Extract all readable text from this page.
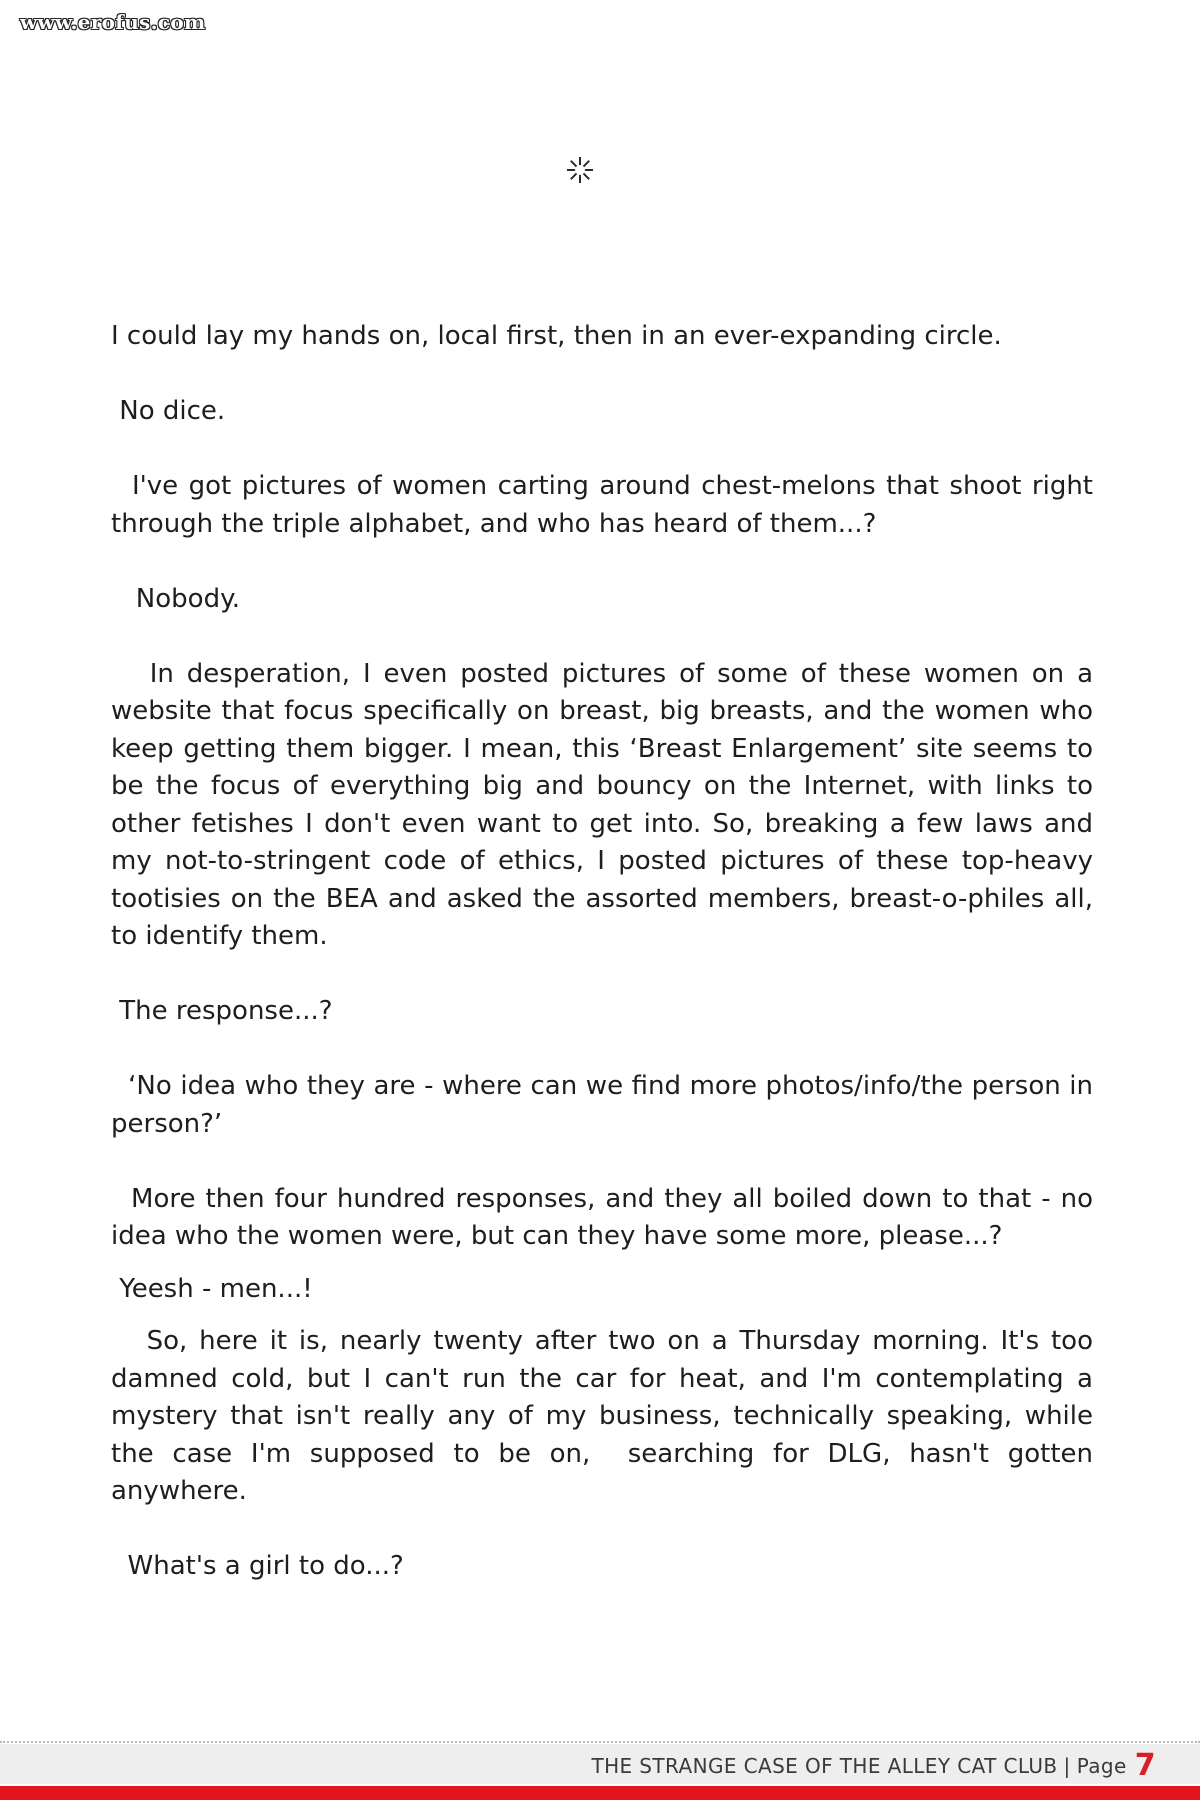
www.erofus.com

I could lay my hands on, local first, then in an ever-expanding circle.

No dice.

I've got pictures of women carting around chest-melons that shoot right through the triple alphabet, and who has heard of them...?

Nobody.

In desperation, I even posted pictures of some of these women on a website that focus specifically on breast, big breasts, and the women who keep getting them bigger. I mean, this ‘Breast Enlargement’ site seems to be the focus of everything big and bouncy on the Internet, with links to other fetishes I don't even want to get into. So, breaking a few laws and my not-to-stringent code of ethics, I posted pictures of these top-heavy tootisies on the BEA and asked the assorted members, breast-o-philes all, to identify them.

The response...?

‘No idea who they are - where can we find more photos/info/the person in person?’

More then four hundred responses, and they all boiled down to that - no idea who the women were, but can they have some more, please...?

Yeesh - men...!

So, here it is, nearly twenty after two on a Thursday morning. It's too damned cold, but I can't run the car for heat, and I'm contemplating a mystery that isn't really any of my business, technically speaking, while the case I'm supposed to be on,  searching for DLG, hasn't gotten anywhere.

What's a girl to do...?

THE STRANGE CASE OF THE ALLEY CAT CLUB | Page 7
